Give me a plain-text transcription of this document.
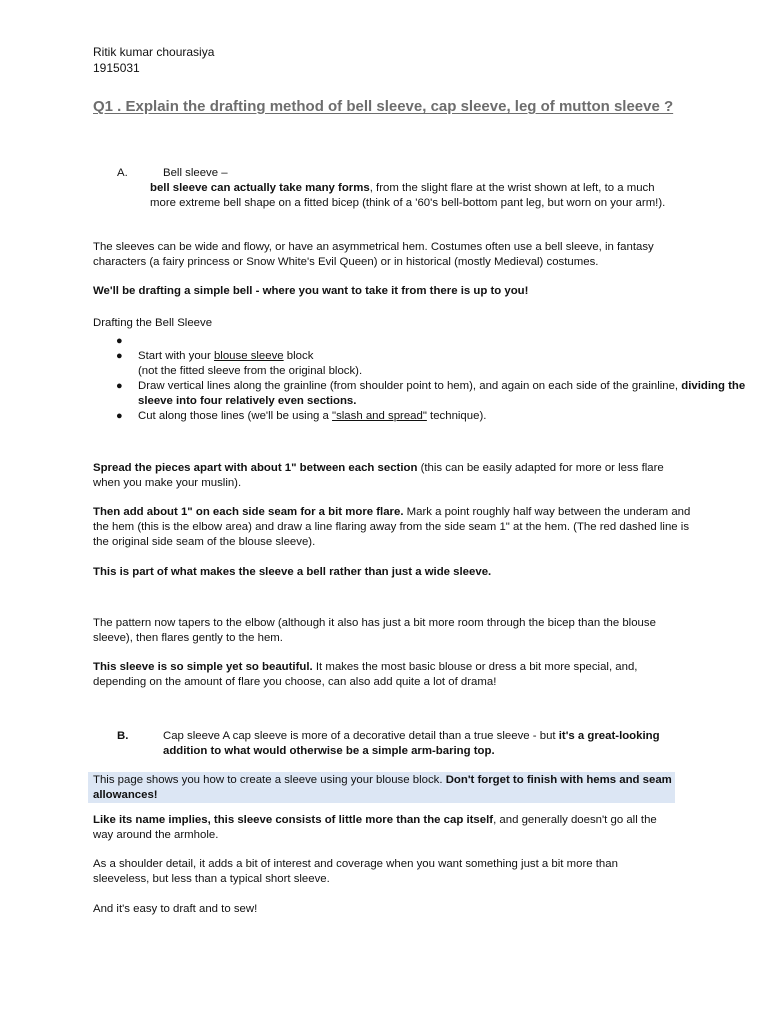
Ritik kumar chourasiya
1915031
Q1 . Explain the drafting method of bell sleeve, cap sleeve, leg of mutton sleeve ?
A.	Bell sleeve –
bell sleeve can actually take many forms, from the slight flare at the wrist shown at left, to a much more extreme bell shape on a fitted bicep (think of a '60's bell-bottom pant leg, but worn on your arm!).
The sleeves can be wide and flowy, or have an asymmetrical hem. Costumes often use a bell sleeve, in fantasy characters (a fairy princess or Snow White's Evil Queen) or in historical (mostly Medieval) costumes.
We'll be drafting a simple bell - where you want to take it from there is up to you!
Drafting the Bell Sleeve
●
● Start with your blouse sleeve block
(not the fitted sleeve from the original block).
● Draw vertical lines along the grainline (from shoulder point to hem), and again on each side of the grainline, dividing the sleeve into four relatively even sections.
● Cut along those lines (we'll be using a "slash and spread" technique).
Spread the pieces apart with about 1" between each section (this can be easily adapted for more or less flare when you make your muslin).
Then add about 1" on each side seam for a bit more flare. Mark a point roughly half way between the underam and the hem (this is the elbow area) and draw a line flaring away from the side seam 1" at the hem. (The red dashed line is the original side seam of the blouse sleeve).
This is part of what makes the sleeve a bell rather than just a wide sleeve.
The pattern now tapers to the elbow (although it also has just a bit more room through the bicep than the blouse sleeve), then flares gently to the hem.
This sleeve is so simple yet so beautiful. It makes the most basic blouse or dress a bit more special, and, depending on the amount of flare you choose, can also add quite a lot of drama!
B.	Cap sleeve A cap sleeve is more of a decorative detail than a true sleeve - but it's a great-looking addition to what would otherwise be a simple arm-baring top.
This page shows you how to create a sleeve using your blouse block. Don't forget to finish with hems and seam allowances!
Like its name implies, this sleeve consists of little more than the cap itself, and generally doesn't go all the way around the armhole.
As a shoulder detail, it adds a bit of interest and coverage when you want something just a bit more than sleeveless, but less than a typical short sleeve.
And it's easy to draft and to sew!
